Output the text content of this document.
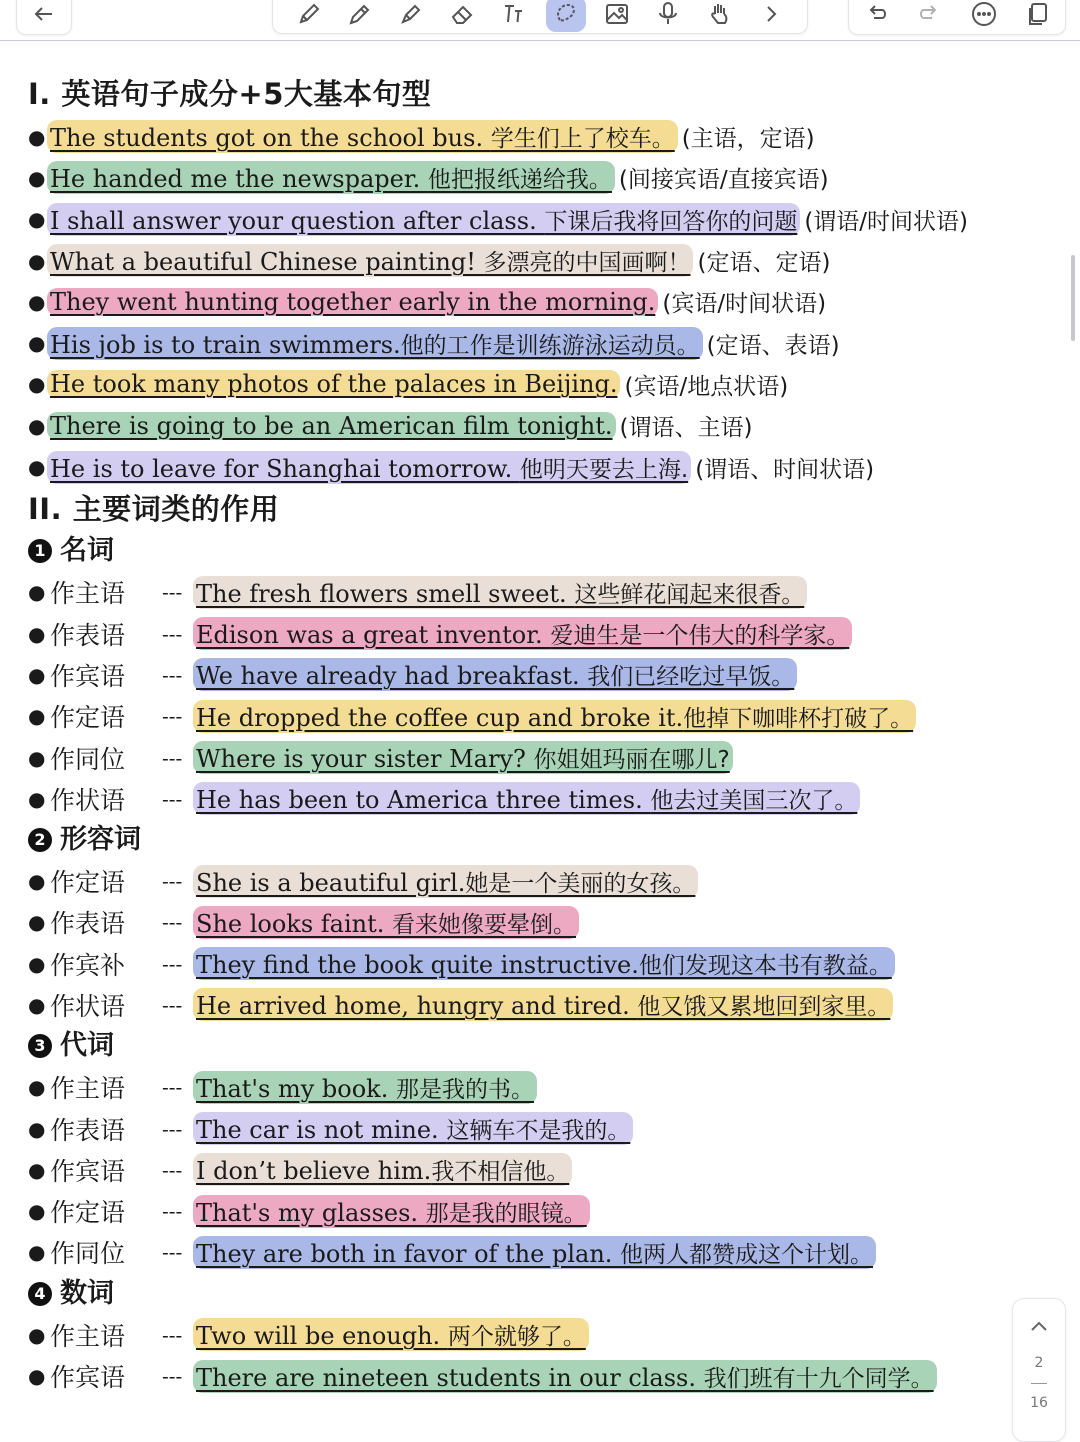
I. 英语句子成分+5大基本句型
● The students got on the school bus. 学生们上了校车。 (主语，定语)
● He handed me the newspaper. 他把报纸递给我。 (间接宾语/直接宾语)
● I shall answer your question after class. 下课后我将回答你的问题 (谓语/时间状语)
● What a beautiful Chinese painting! 多漂亮的中国画啊！ (定语、定语)
● They went hunting together early in the morning. (宾语/时间状语)
● His job is to train swimmers.他的工作是训练游泳运动员。 (定语、表语)
● He took many photos of the palaces in Beijing. (宾语/地点状语)
● There is going to be an American film tonight. (谓语、主语)
● He is to leave for Shanghai tomorrow. 他明天要去上海. (谓语、时间状语)
II. 主要词类的作用
1 名词
● 作主语	--- The fresh flowers smell sweet. 这些鲜花闻起来很香。
● 作表语	--- Edison was a great inventor. 爱迪生是一个伟大的科学家。
● 作宾语	--- We have already had breakfast. 我们已经吃过早饭。
● 作定语	--- He dropped the coffee cup and broke it.他掉下咖啡杯打破了。
● 作同位	--- Where is your sister Mary? 你姐姐玛丽在哪儿?
● 作状语	--- He has been to America three times. 他去过美国三次了。
2 形容词
● 作定语	--- She is a beautiful girl.她是一个美丽的女孩。
● 作表语	--- She looks faint. 看来她像要晕倒。
● 作宾补	--- They find the book quite instructive.他们发现这本书有教益。
● 作状语	--- He arrived home, hungry and tired. 他又饿又累地回到家里。
3 代词
● 作主语	--- That's my book. 那是我的书。
● 作表语	--- The car is not mine. 这辆车不是我的。
● 作宾语	--- I don’t believe him.我不相信他。
● 作定语	--- That's my glasses. 那是我的眼镜。
● 作同位	--- They are both in favor of the plan. 他两人都赞成这个计划。
4 数词
● 作主语	--- Two will be enough. 两个就够了。
● 作宾语	--- There are nineteen students in our class. 我们班有十九个同学。
2
16
